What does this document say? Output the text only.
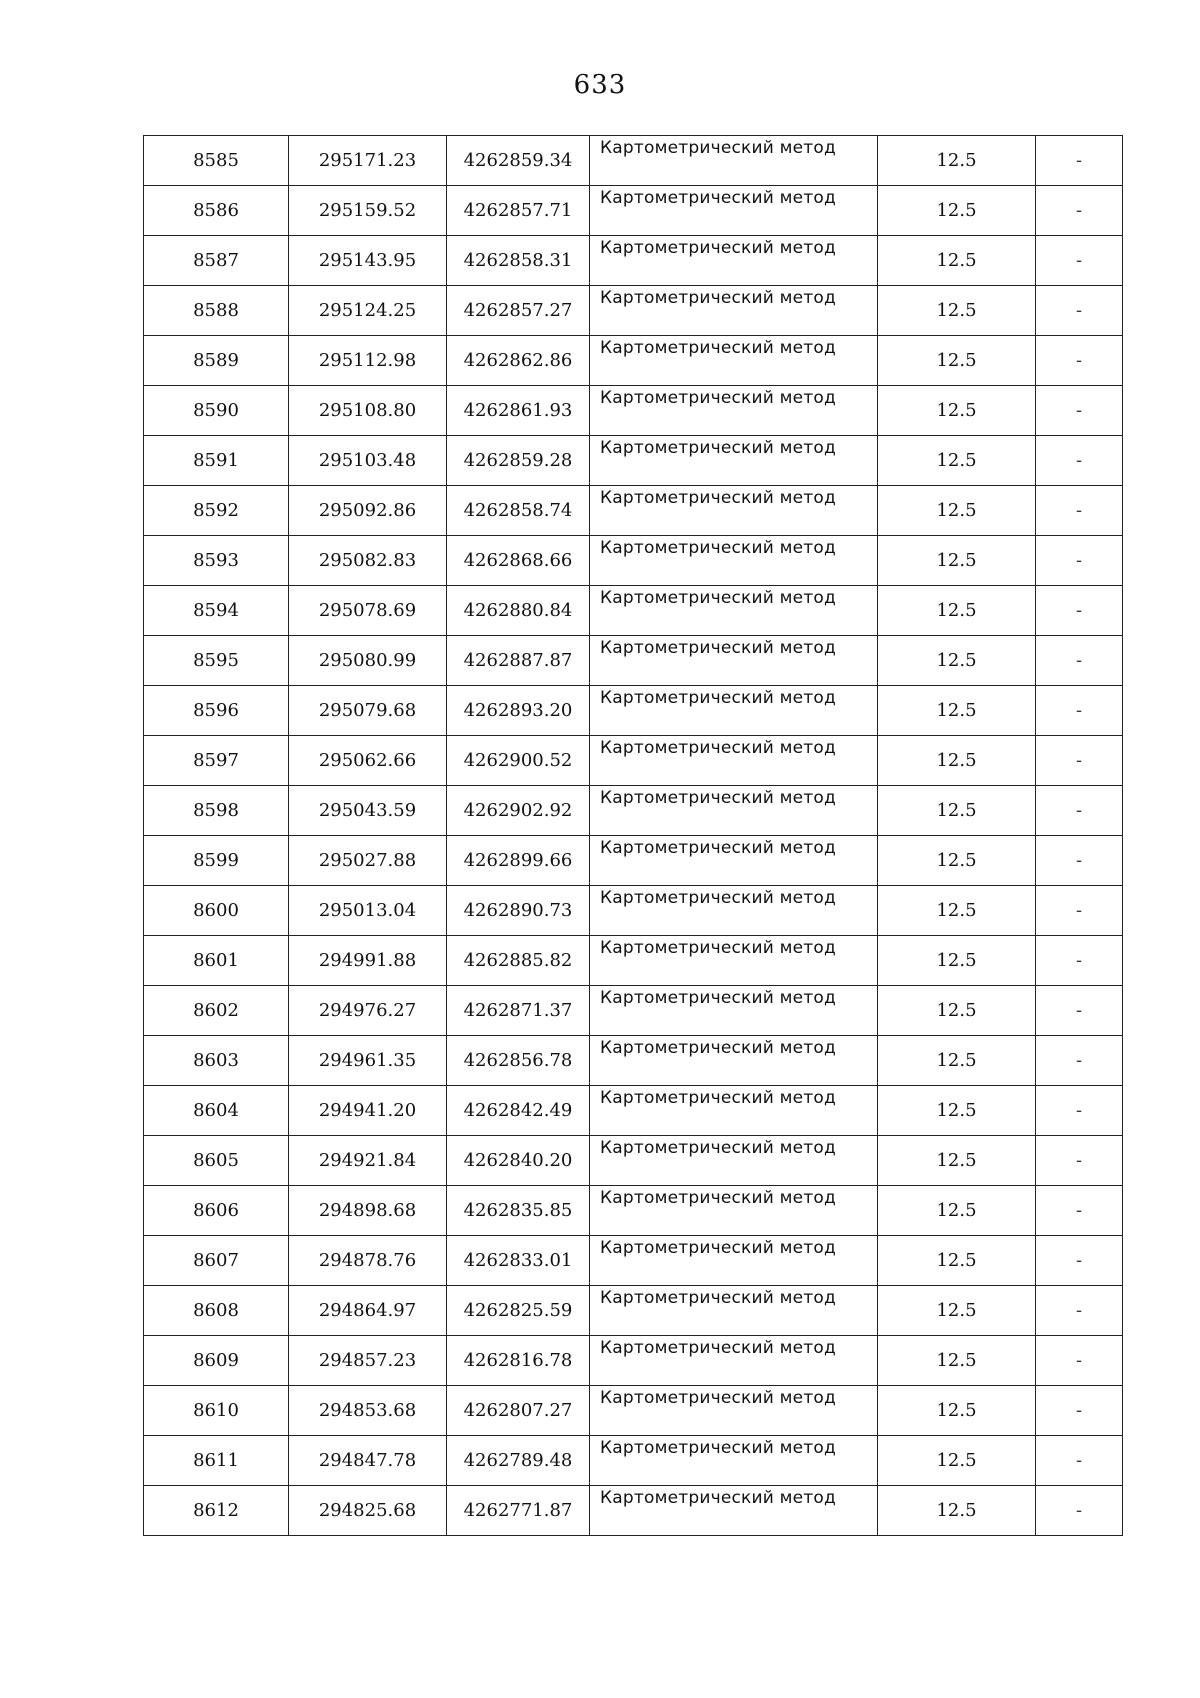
633
8585	295171.23	4262859.34	Картометрический метод	12.5	-
8586	295159.52	4262857.71	Картометрический метод	12.5	-
8587	295143.95	4262858.31	Картометрический метод	12.5	-
8588	295124.25	4262857.27	Картометрический метод	12.5	-
8589	295112.98	4262862.86	Картометрический метод	12.5	-
8590	295108.80	4262861.93	Картометрический метод	12.5	-
8591	295103.48	4262859.28	Картометрический метод	12.5	-
8592	295092.86	4262858.74	Картометрический метод	12.5	-
8593	295082.83	4262868.66	Картометрический метод	12.5	-
8594	295078.69	4262880.84	Картометрический метод	12.5	-
8595	295080.99	4262887.87	Картометрический метод	12.5	-
8596	295079.68	4262893.20	Картометрический метод	12.5	-
8597	295062.66	4262900.52	Картометрический метод	12.5	-
8598	295043.59	4262902.92	Картометрический метод	12.5	-
8599	295027.88	4262899.66	Картометрический метод	12.5	-
8600	295013.04	4262890.73	Картометрический метод	12.5	-
8601	294991.88	4262885.82	Картометрический метод	12.5	-
8602	294976.27	4262871.37	Картометрический метод	12.5	-
8603	294961.35	4262856.78	Картометрический метод	12.5	-
8604	294941.20	4262842.49	Картометрический метод	12.5	-
8605	294921.84	4262840.20	Картометрический метод	12.5	-
8606	294898.68	4262835.85	Картометрический метод	12.5	-
8607	294878.76	4262833.01	Картометрический метод	12.5	-
8608	294864.97	4262825.59	Картометрический метод	12.5	-
8609	294857.23	4262816.78	Картометрический метод	12.5	-
8610	294853.68	4262807.27	Картометрический метод	12.5	-
8611	294847.78	4262789.48	Картометрический метод	12.5	-
8612	294825.68	4262771.87	Картометрический метод	12.5	-
